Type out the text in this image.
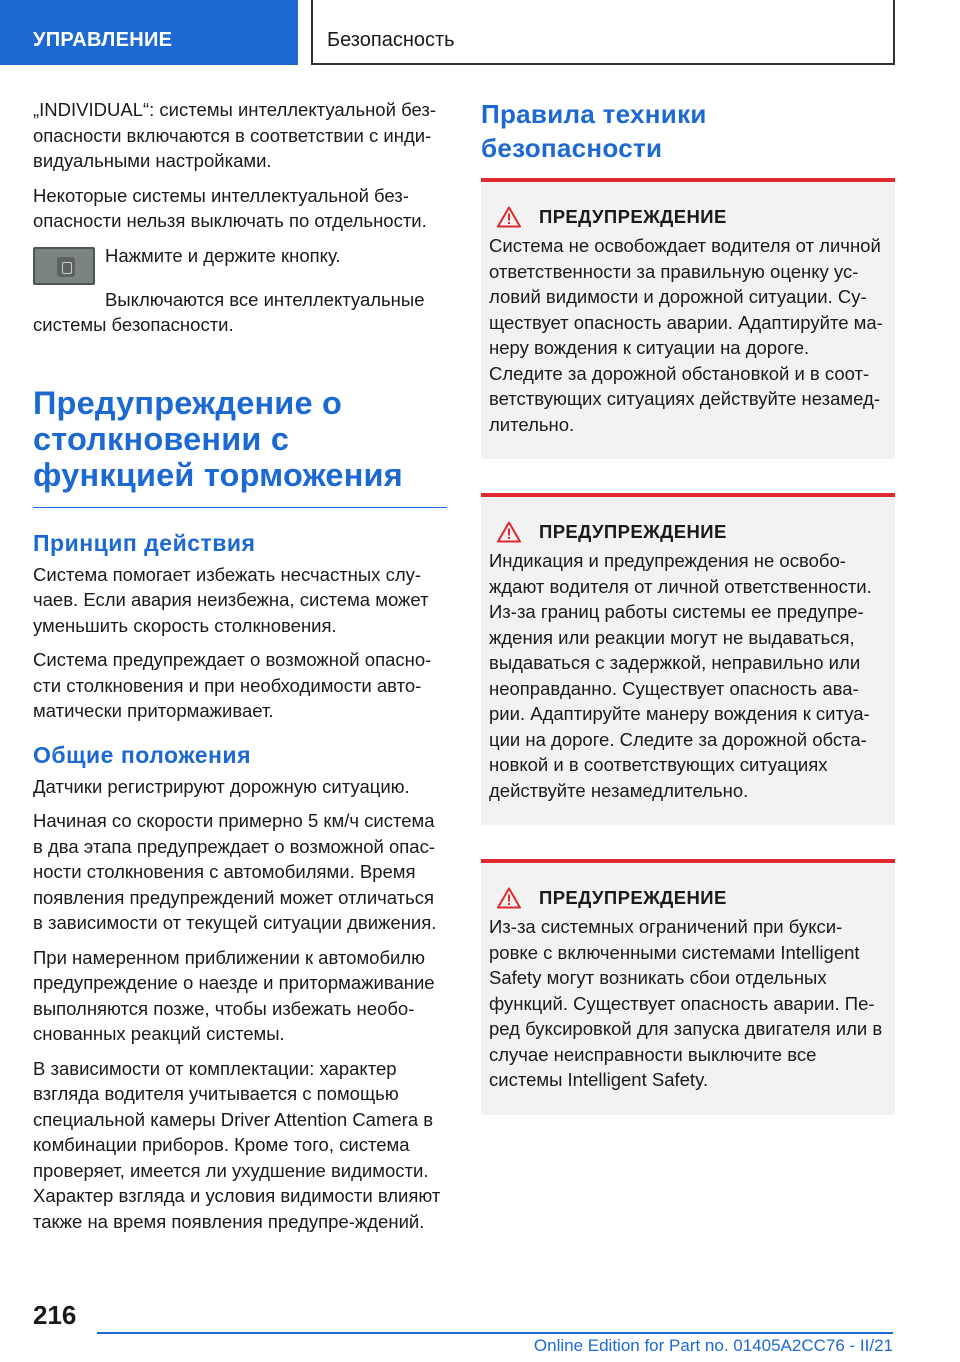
УПРАВЛЕНИЕ	Безопасность

„INDIVIDUAL“: системы интеллектуальной без-опасности включаются в соответствии с инди-видуальными настройками.

Некоторые системы интеллектуальной без-опасности нельзя выключать по отдельности.

Нажмите и держите кнопку.

Выключаются все интеллектуальные системы безопасности.

Предупреждение о столкновении с функцией торможения
Принцип действия

Система помогает избежать несчастных слу-чаев. Если авария неизбежна, система может уменьшить скорость столкновения.

Система предупреждает о возможной опасно-сти столкновения и при необходимости авто-матически притормаживает.

Общие положения

Датчики регистрируют дорожную ситуацию.

Начиная со скорости примерно 5 км/ч система в два этапа предупреждает о возможной опас-ности столкновения с автомобилями. Время появления предупреждений может отличаться в зависимости от текущей ситуации движения.

При намеренном приближении к автомобилю предупреждение о наезде и притормаживание выполняются позже, чтобы избежать необо-снованных реакций системы.

В зависимости от комплектации: характер взгляда водителя учитывается с помощью специальной камеры Driver Attention Camera в комбинации приборов. Кроме того, система проверяет, имеется ли ухудшение видимости. Характер взгляда и условия видимости влияют также на время появления предупре-ждений.

Правила техники безопасности
ПРЕДУПРЕЖДЕНИЕ
Система не освобождает водителя от личной ответственности за правильную оценку ус-ловий видимости и дорожной ситуации. Су-ществует опасность аварии. Адаптируйте ма-неру вождения к ситуации на дороге. Следите за дорожной обстановкой и в соот-ветствующих ситуациях действуйте незамед-лительно.
ПРЕДУПРЕЖДЕНИЕ
Индикация и предупреждения не освобо-ждают водителя от личной ответственности. Из-за границ работы системы ее предупре-ждения или реакции могут не выдаваться, выдаваться с задержкой, неправильно или неоправданно. Существует опасность ава-рии. Адаптируйте манеру вождения к ситуа-ции на дороге. Следите за дорожной обста-новкой и в соответствующих ситуациях действуйте незамедлительно.
ПРЕДУПРЕЖДЕНИЕ
Из-за системных ограничений при букси-ровке с включенными системами Intelligent Safety могут возникать сбои отдельных функций. Существует опасность аварии. Пе-ред буксировкой для запуска двигателя или в случае неисправности выключите все системы Intelligent Safety.
216
Online Edition for Part no. 01405A2CC76 - II/21
